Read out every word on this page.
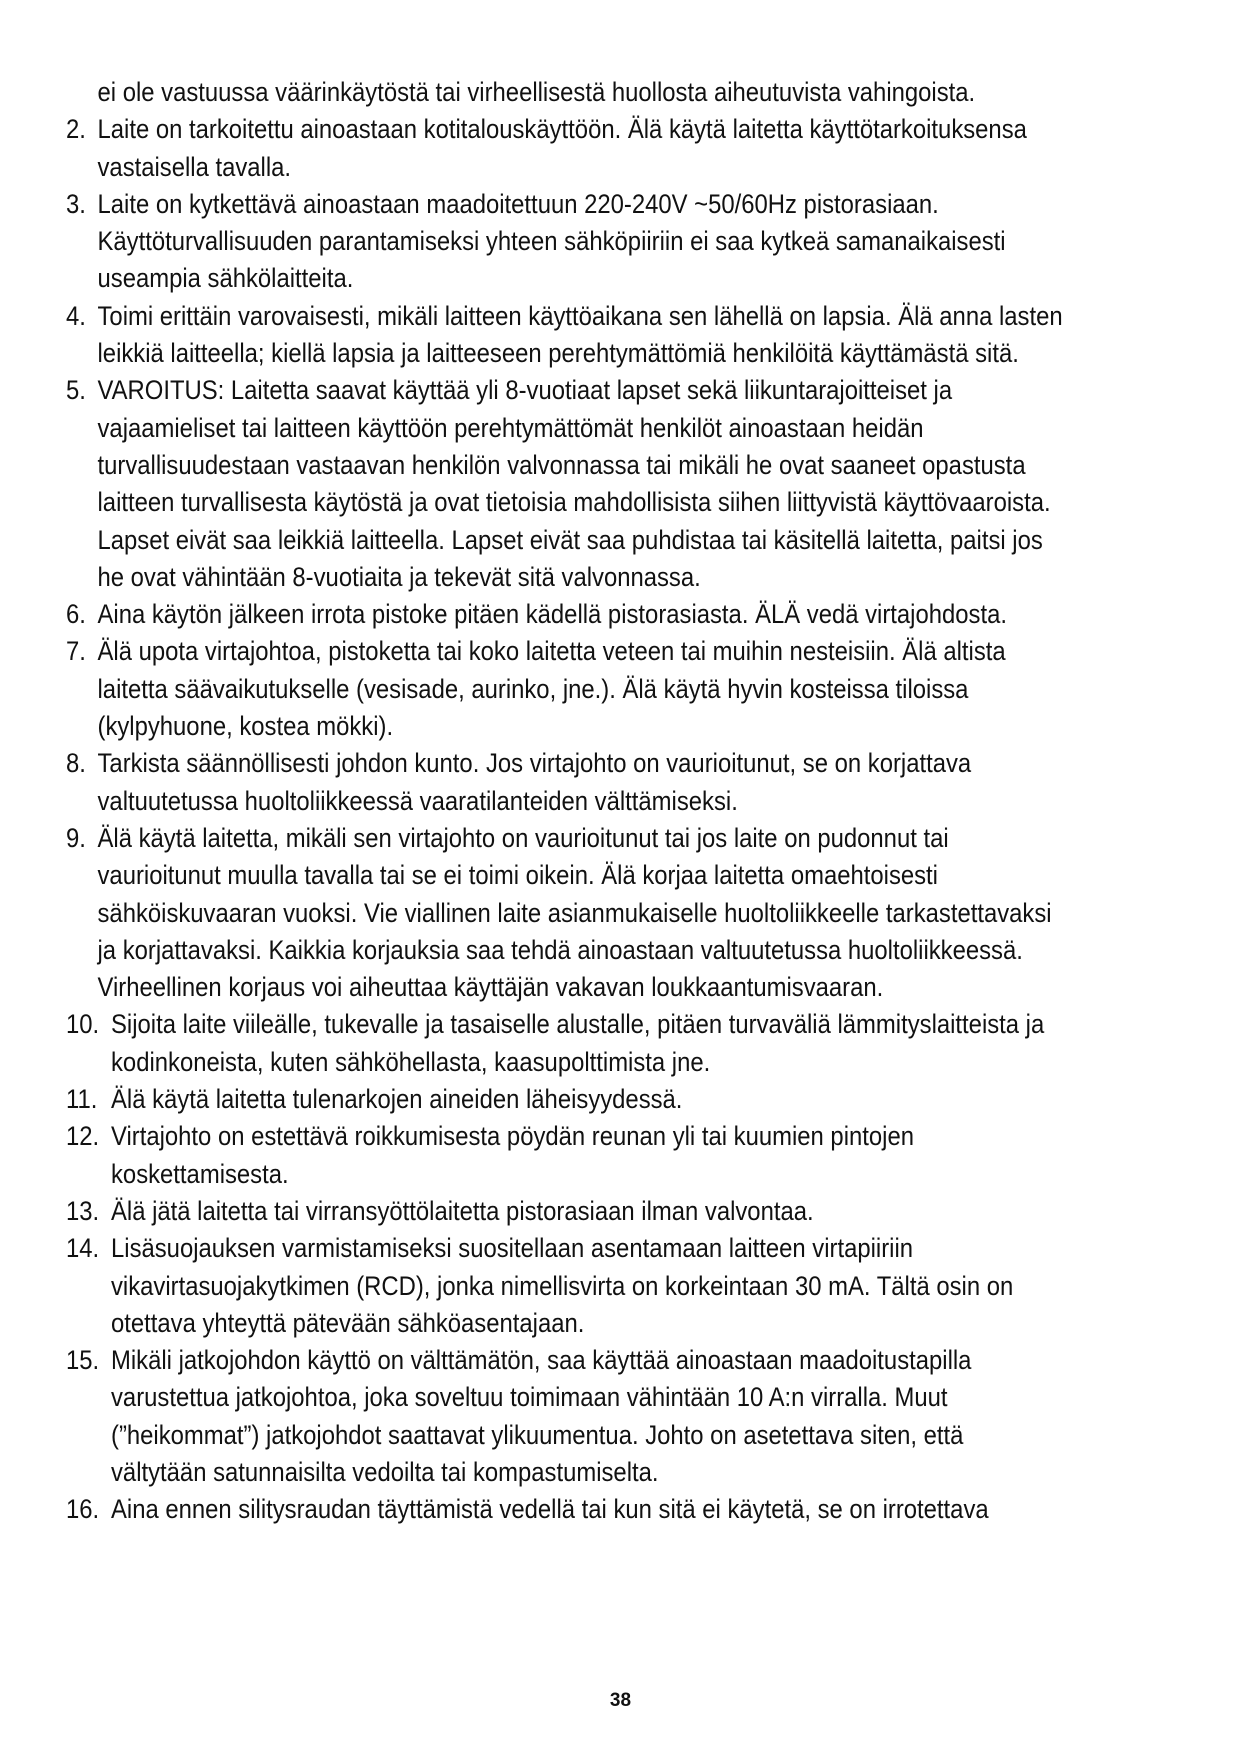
ei ole vastuussa väärinkäytöstä tai virheellisestä huollosta aiheutuvista vahingoista.

2. Laite on tarkoitettu ainoastaan kotitalouskäyttöön. Älä käytä laitetta käyttötarkoituksensa vastaisella tavalla.
3. Laite on kytkettävä ainoastaan maadoitettuun 220-240V ~50/60Hz pistorasiaan. Käyttöturvallisuuden parantamiseksi yhteen sähköpiiriin ei saa kytkeä samanaikaisesti useampia sähkölaitteita.
4. Toimi erittäin varovaisesti, mikäli laitteen käyttöaikana sen lähellä on lapsia. Älä anna lasten leikkiä laitteella; kiellä lapsia ja laitteeseen perehtymättömiä henkilöitä käyttämästä sitä.
5. VAROITUS: Laitetta saavat käyttää yli 8-vuotiaat lapset sekä liikuntarajoitteiset ja vajaamieliset tai laitteen käyttöön perehtymättömät henkilöt ainoastaan heidän turvallisuudestaan vastaavan henkilön valvonnassa tai mikäli he ovat saaneet opastusta laitteen turvallisesta käytöstä ja ovat tietoisia mahdollisista siihen liittyvistä käyttövaaroista. Lapset eivät saa leikkiä laitteella. Lapset eivät saa puhdistaa tai käsitellä laitetta, paitsi jos he ovat vähintään 8-vuotiaita ja tekevät sitä valvonnassa.
6. Aina käytön jälkeen irrota pistoke pitäen kädellä pistorasiasta. ÄLÄ vedä virtajohdosta.
7. Älä upota virtajohtoa, pistoketta tai koko laitetta veteen tai muihin nesteisiin. Älä altista laitetta säävaikutukselle (vesisade, aurinko, jne.). Älä käytä hyvin kosteissa tiloissa (kylpyhuone, kostea mökki).
8. Tarkista säännöllisesti johdon kunto. Jos virtajohto on vaurioitunut, se on korjattava valtuutetussa huoltoliikkeessä vaaratilanteiden välttämiseksi.
9. Älä käytä laitetta, mikäli sen virtajohto on vaurioitunut tai jos laite on pudonnut tai vaurioitunut muulla tavalla tai se ei toimi oikein. Älä korjaa laitetta omaehtoisesti sähköiskuvaaran vuoksi. Vie viallinen laite asianmukaiselle huoltoliikkeelle tarkastettavaksi ja korjattavaksi. Kaikkia korjauksia saa tehdä ainoastaan valtuutetussa huoltoliikkeessä. Virheellinen korjaus voi aiheuttaa käyttäjän vakavan loukkaantumisvaaran.
10. Sijoita laite viileälle, tukevalle ja tasaiselle alustalle, pitäen turvaväliä lämmityslaitteista ja kodinkoneista, kuten sähköhellasta, kaasupolttimista jne.
11. Älä käytä laitetta tulenarkojen aineiden läheisyydessä.
12. Virtajohto on estettävä roikkumisesta pöydän reunan yli tai kuumien pintojen koskettamisesta.
13. Älä jätä laitetta tai virransyöttölaitetta pistorasiaan ilman valvontaa.
14. Lisäsuojauksen varmistamiseksi suositellaan asentamaan laitteen virtapiiriin vikavirtasuojakytkimen (RCD), jonka nimellisvirta on korkeintaan 30 mA. Tältä osin on otettava yhteyttä pätevään sähköasentajaan.
15. Mikäli jatkojohdon käyttö on välttämätön, saa käyttää ainoastaan maadoitustapilla varustettua jatkojohtoa, joka soveltuu toimimaan vähintään 10 A:n virralla. Muut (”heikommat”) jatkojohdot saattavat ylikuumentua. Johto on asetettava siten, että vältytään satunnaisilta vedoilta tai kompastumiselta.
16. Aina ennen silitysraudan täyttämistä vedellä tai kun sitä ei käytetä, se on irrotettava
38
